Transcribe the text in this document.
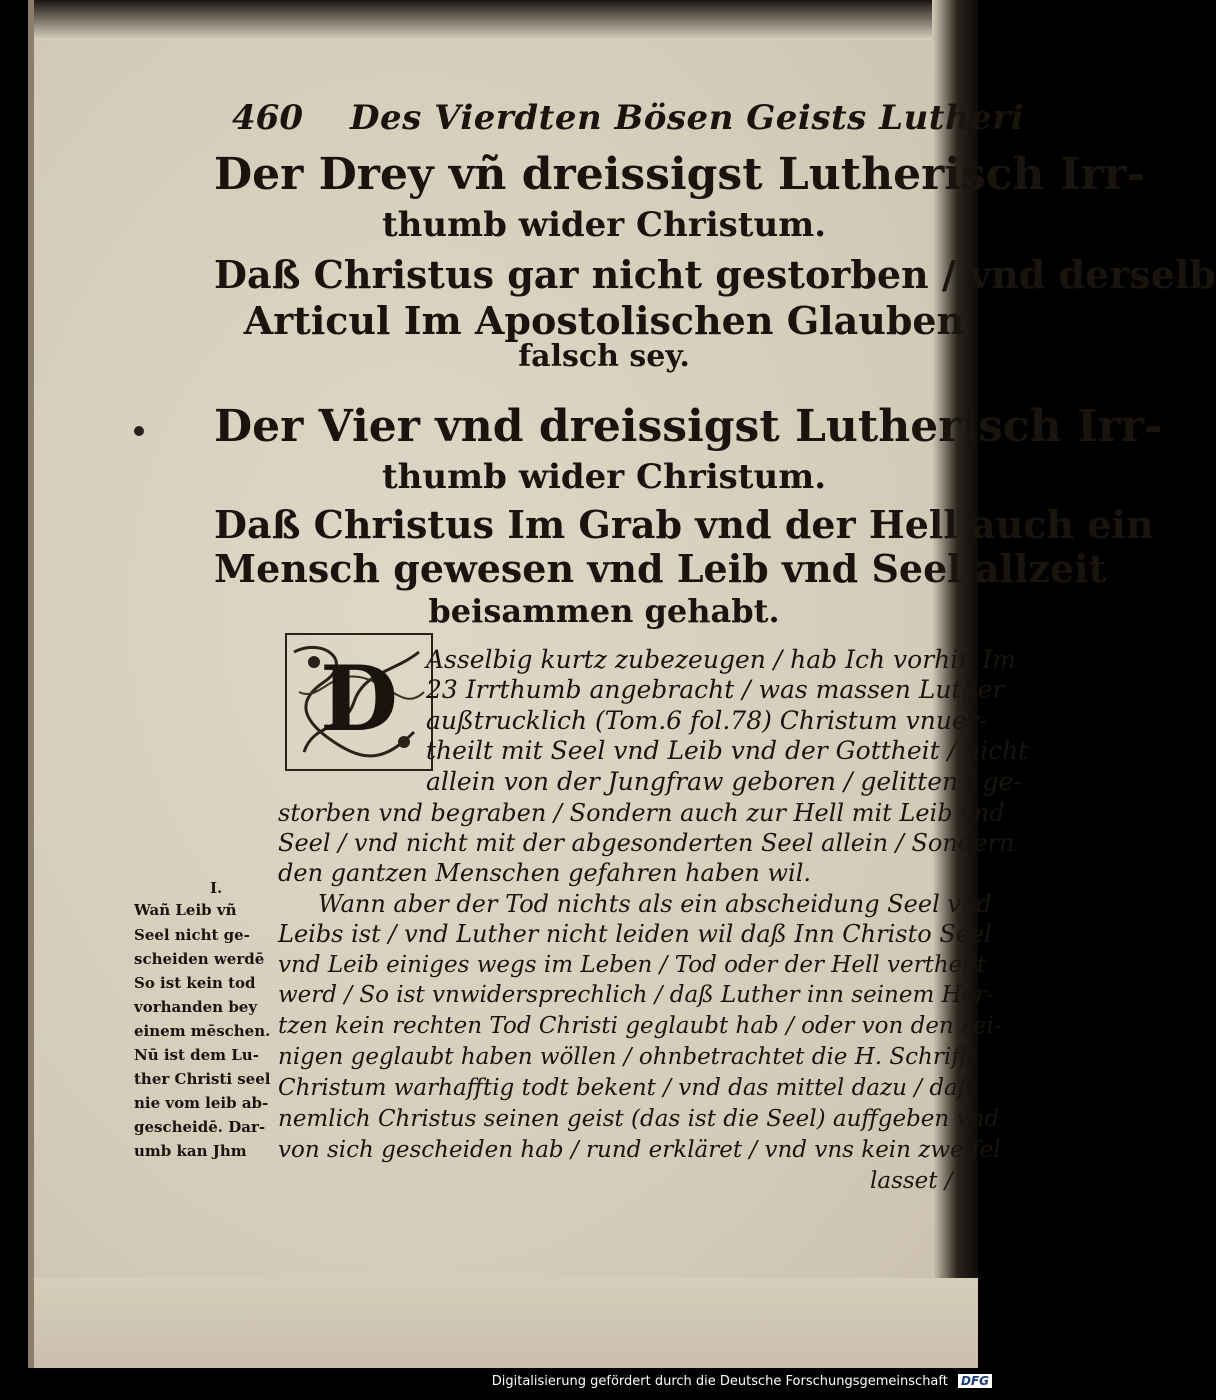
460 Des Vierdten Bösen Geists Lutheri
Der Drey vñ dreissigst Lutherisch Irr-
thumb wider Christum.
Daß Christus gar nicht gestorben / vnd derselb
Articul Im Apostolischen Glauben
falsch sey.
Der Vier vnd dreissigst Lutherisch Irr-
thumb wider Christum.
Daß Christus Im Grab vnd der Hell auch ein
Mensch gewesen vnd Leib vnd Seel allzeit
beisammen gehabt.
D Asselbig kurtz zubezeugen / hab Ich vorhin Im
23 Irrthumb angebracht / was massen Luther
außtrucklich (Tom.6 fol.78) Christum vnuer-
theilt mit Seel vnd Leib vnd der Gottheit / nicht
allein von der Jungfraw geboren / gelitten / ge-
storben vnd begraben / Sondern auch zur Hell mit Leib vnd
Seel / vnd nicht mit der abgesonderten Seel allein / Sondern
den gantzen Menschen gefahren haben wil.
Wann aber der Tod nichts als ein abscheidung Seel vnd
Leibs ist / vnd Luther nicht leiden wil daß Inn Christo Seel
vnd Leib einiges wegs im Leben / Tod oder der Hell vertheilt
werd / So ist vnwidersprechlich / daß Luther inn seinem Her-
tzen kein rechten Tod Christi geglaubt hab / oder von den sei-
nigen geglaubt haben wöllen / ohnbetrachtet die H. Schrifft
Christum warhafftig todt bekent / vnd das mittel dazu / daß
nemlich Christus seinen geist (das ist die Seel) auffgeben vnd
von sich gescheiden hab / rund erkläret / vnd vns kein zweifel
lasset /
I.
Wañ Leib vñ
Seel nicht ge-
scheiden werdē
So ist kein tod
vorhanden bey
einem mēschen.
Nū ist dem Lu-
ther Christi seel
nie vom leib ab-
gescheidē. Dar-
umb kan Jhm
Digitalisierung gefördert durch die Deutsche Forschungsgemeinschaft DFG
